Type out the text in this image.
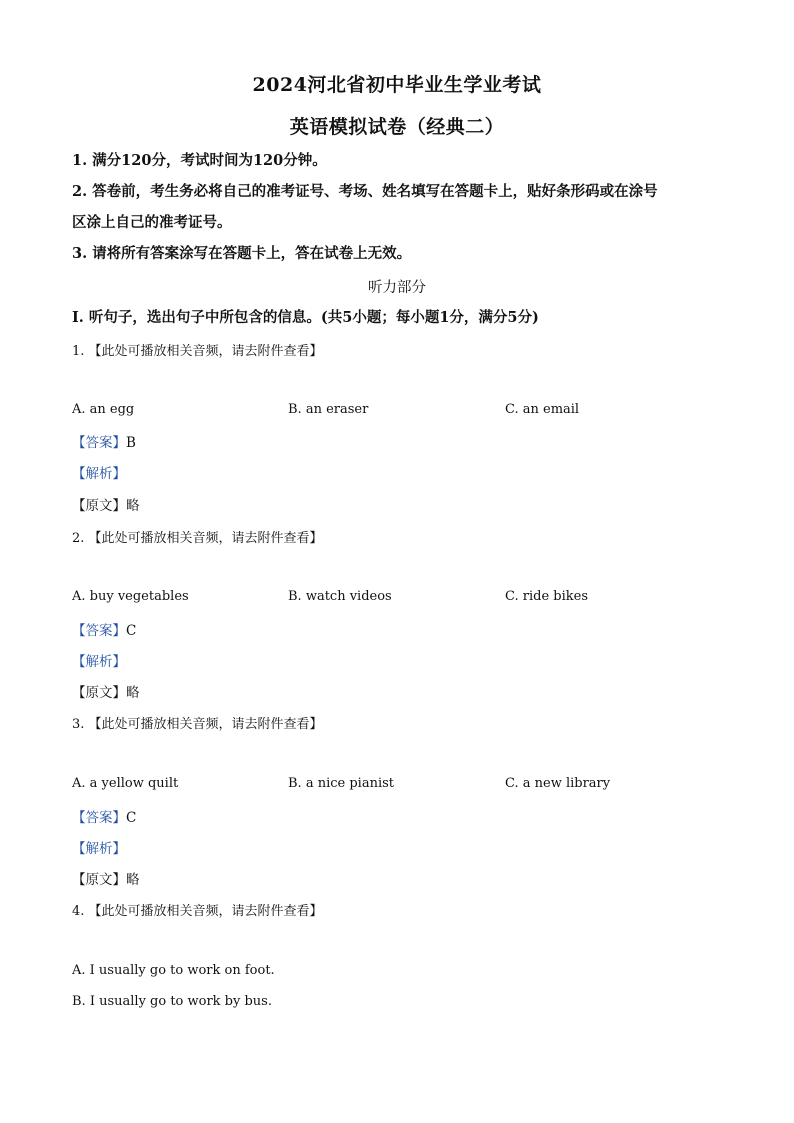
2024河北省初中毕业生学业考试
英语模拟试卷（经典二）
1. 满分120分，考试时间为120分钟。
2. 答卷前，考生务必将自己的准考证号、考场、姓名填写在答题卡上，贴好条形码或在涂号
区涂上自己的准考证号。
3. 请将所有答案涂写在答题卡上，答在试卷上无效。
听力部分
Ⅰ. 听句子，选出句子中所包含的信息。(共5小题；每小题1分，满分5分)
1. 【此处可播放相关音频，请去附件查看】
A. an egg	B. an eraser	C. an email
【答案】B
【解析】
【原文】略
2. 【此处可播放相关音频，请去附件查看】
A. buy vegetables	B. watch videos	C. ride bikes
【答案】C
【解析】
【原文】略
3. 【此处可播放相关音频，请去附件查看】
A. a yellow quilt	B. a nice pianist	C. a new library
【答案】C
【解析】
【原文】略
4. 【此处可播放相关音频，请去附件查看】
A. I usually go to work on foot.
B. I usually go to work by bus.
